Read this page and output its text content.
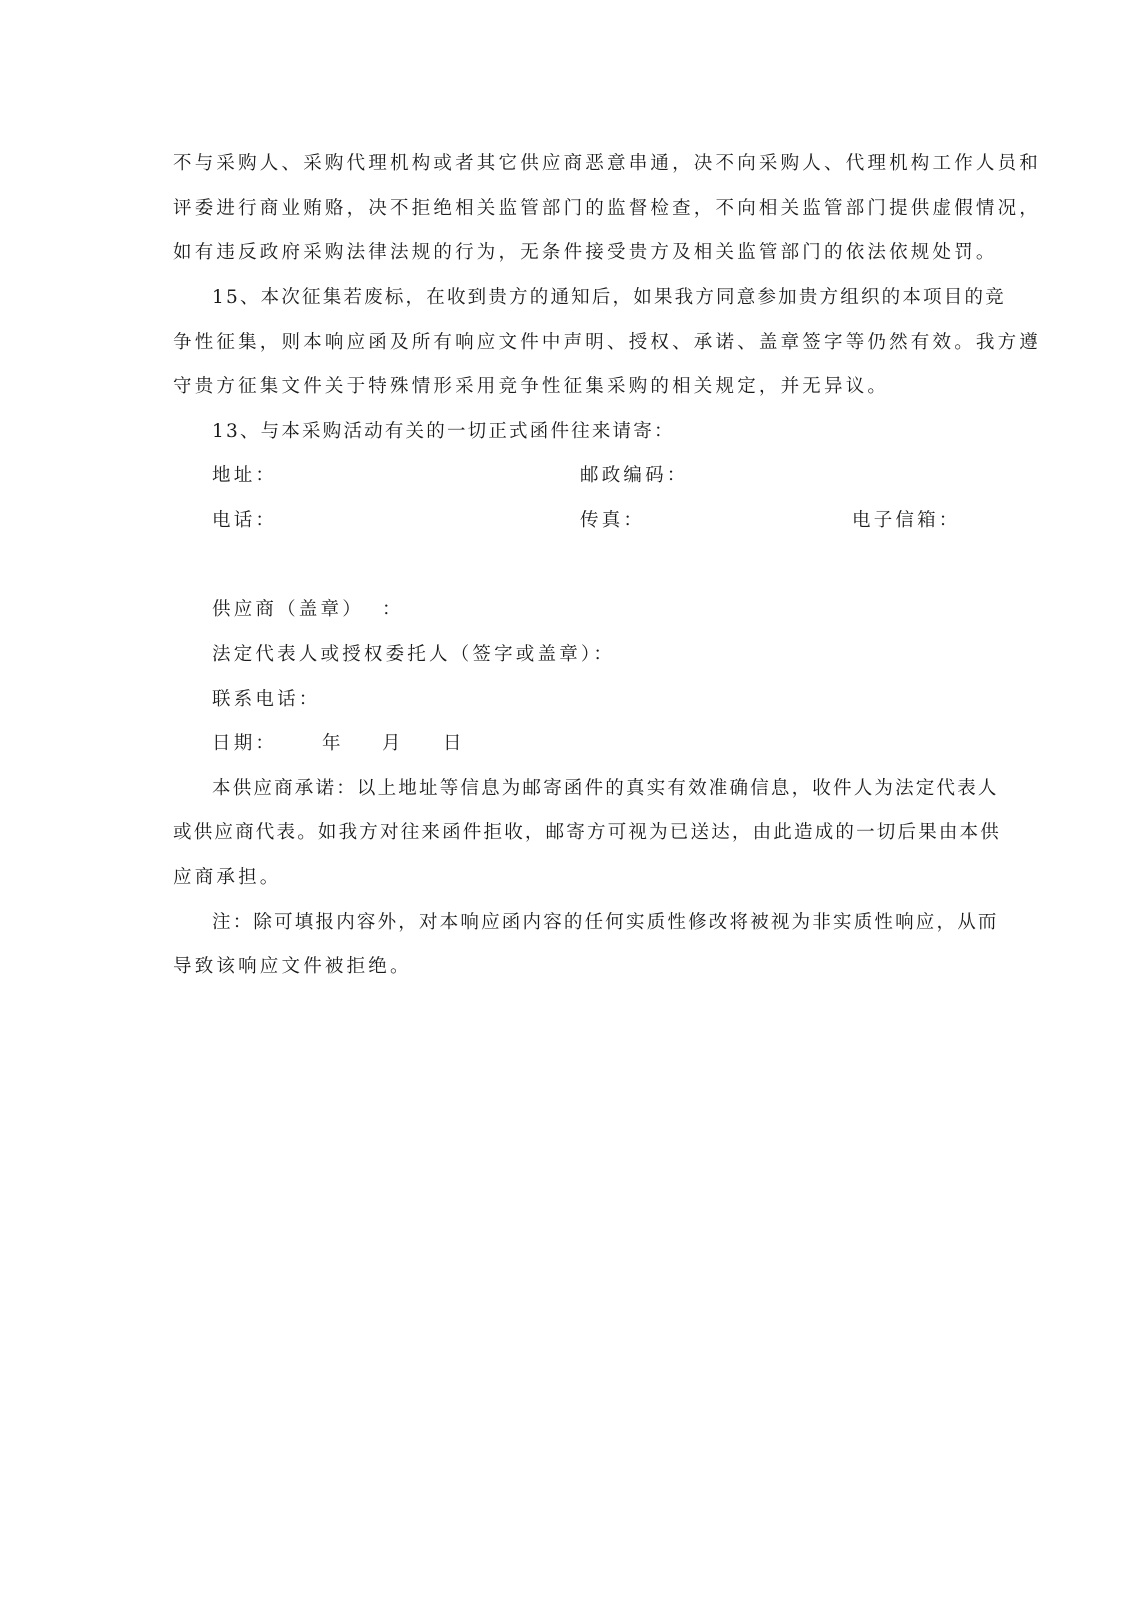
不与采购人、采购代理机构或者其它供应商恶意串通，决不向采购人、代理机构工作人员和
评委进行商业贿赂，决不拒绝相关监管部门的监督检查，不向相关监管部门提供虚假情况，
如有违反政府采购法律法规的行为，无条件接受贵方及相关监管部门的依法依规处罚。
15、本次征集若废标，在收到贵方的通知后，如果我方同意参加贵方组织的本项目的竞
争性征集，则本响应函及所有响应文件中声明、授权、承诺、盖章签字等仍然有效。我方遵
守贵方征集文件关于特殊情形采用竞争性征集采购的相关规定，并无异议。
13、与本采购活动有关的一切正式函件往来请寄：
地址：	邮政编码：
电话：	传真：	电子信箱：
供应商（盖章）  ：
法定代表人或授权委托人（签字或盖章）：
联系电话：
日期： 年 月 日
本供应商承诺：以上地址等信息为邮寄函件的真实有效准确信息，收件人为法定代表人
或供应商代表。如我方对往来函件拒收，邮寄方可视为已送达，由此造成的一切后果由本供
应商承担。
注：除可填报内容外，对本响应函内容的任何实质性修改将被视为非实质性响应，从而
导致该响应文件被拒绝。
